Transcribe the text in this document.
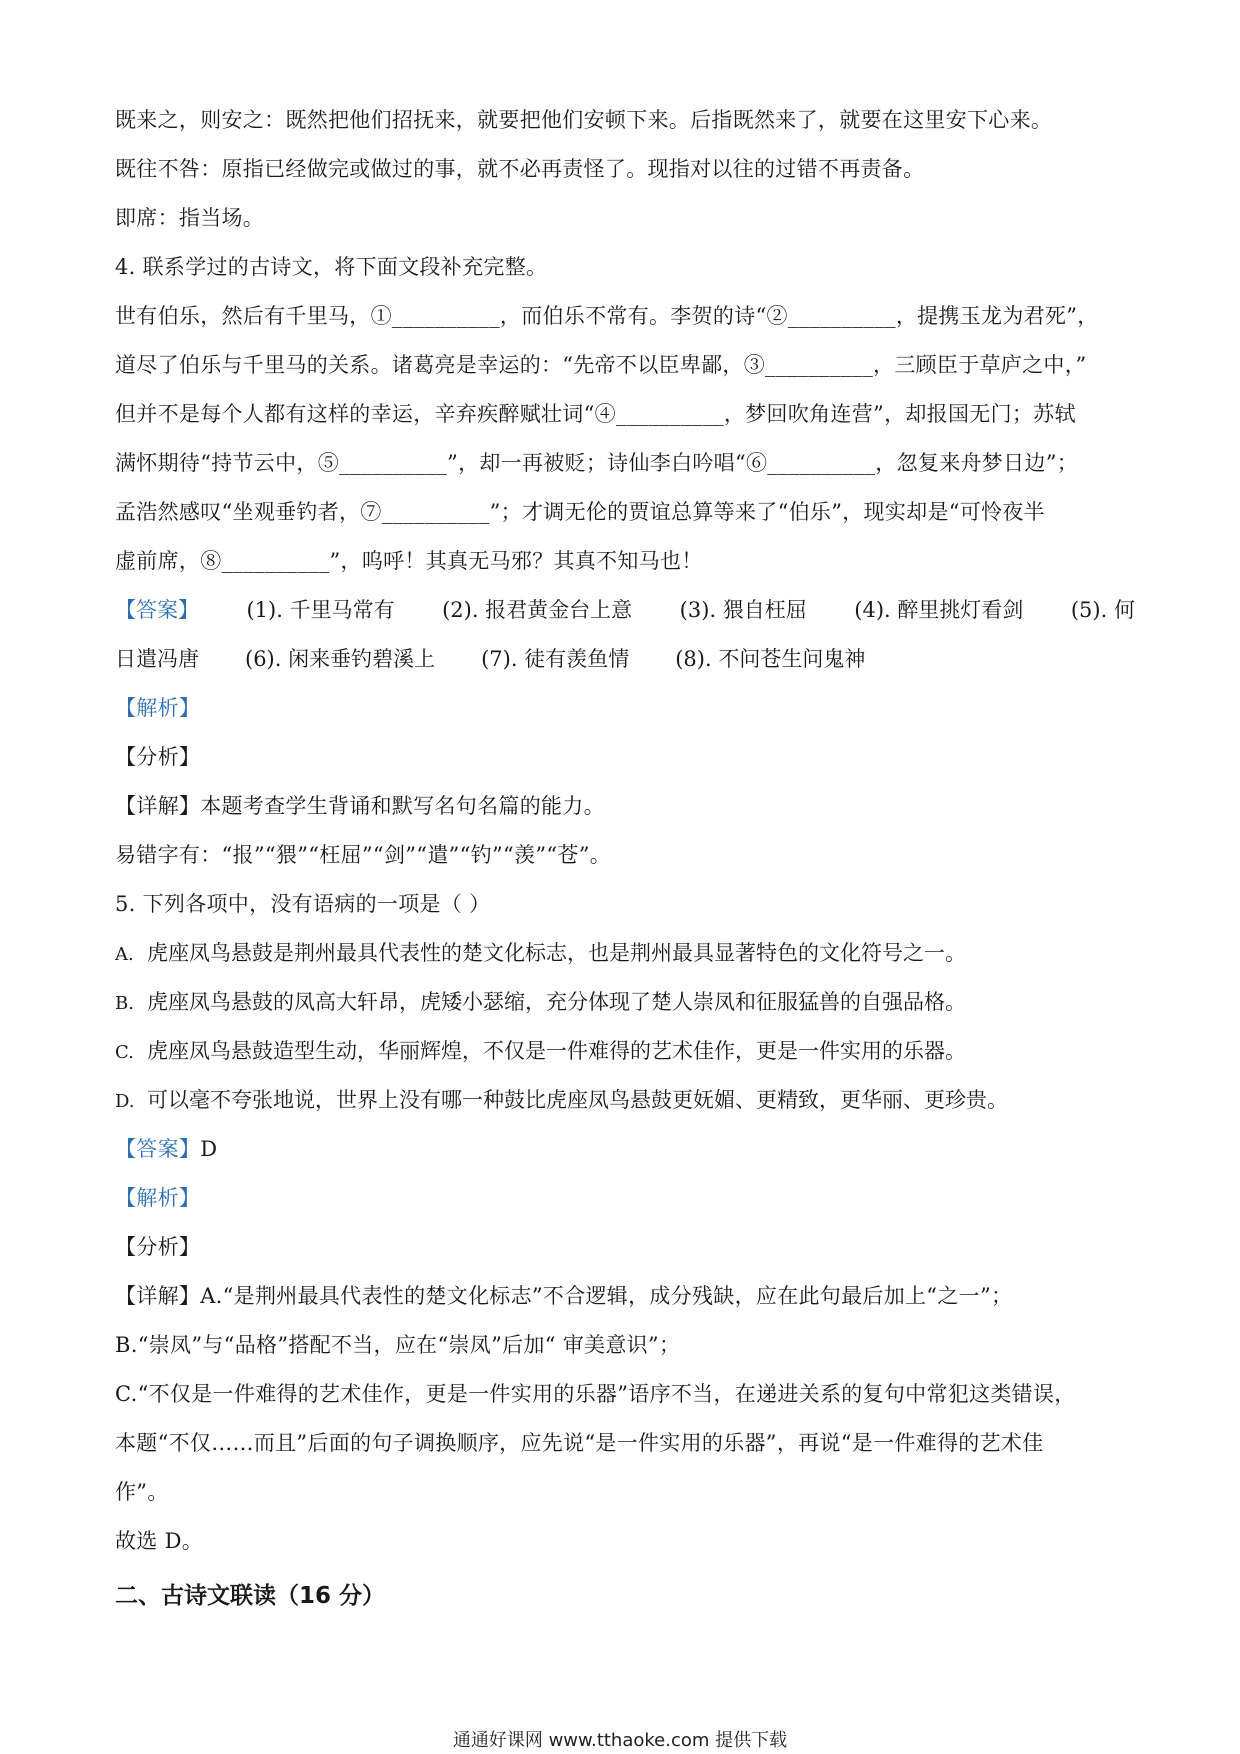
既来之，则安之：既然把他们招抚来，就要把他们安顿下来。后指既然来了，就要在这里安下心来。
既往不咎：原指已经做完或做过的事，就不必再责怪了。现指对以往的过错不再责备。
即席：指当场。
4. 联系学过的古诗文，将下面文段补充完整。
世有伯乐，然后有千里马，①__________，而伯乐不常有。李贺的诗“②__________，提携玉龙为君死”，
道尽了伯乐与千里马的关系。诸葛亮是幸运的：“先帝不以臣卑鄙，③__________，三顾臣于草庐之中，”
但并不是每个人都有这样的幸运，辛弃疾醉赋壮词“④__________，梦回吹角连营”，却报国无门；苏轼
满怀期待“持节云中，⑤__________”，却一再被贬；诗仙李白吟唱“⑥__________，忽复来舟梦日边”；
孟浩然感叹“坐观垂钓者，⑦__________”；才调无伦的贾谊总算等来了“伯乐”，现实却是“可怜夜半
虚前席，⑧__________”，呜呼！其真无马邪？其真不知马也！
【答案】 (1). 千里马常有 (2). 报君黄金台上意 (3). 猥自枉屈 (4). 醉里挑灯看剑 (5). 何
日遣冯唐 (6). 闲来垂钓碧溪上 (7). 徒有羡鱼情 (8). 不问苍生问鬼神
【解析】
【分析】
【详解】本题考查学生背诵和默写名句名篇的能力。
易错字有：“报”“猥”“枉屈”“剑”“遣”“钓”“羡”“苍”。
5. 下列各项中，没有语病的一项是（ ）
A. 虎座凤鸟悬鼓是荆州最具代表性的楚文化标志，也是荆州最具显著特色的文化符号之一。
B. 虎座凤鸟悬鼓的凤高大轩昂，虎矮小瑟缩，充分体现了楚人崇凤和征服猛兽的自强品格。
C. 虎座凤鸟悬鼓造型生动，华丽辉煌，不仅是一件难得的艺术佳作，更是一件实用的乐器。
D. 可以毫不夸张地说，世界上没有哪一种鼓比虎座凤鸟悬鼓更妩媚、更精致，更华丽、更珍贵。
【答案】D
【解析】
【分析】
【详解】A.“是荆州最具代表性的楚文化标志”不合逻辑，成分残缺，应在此句最后加上“之一”；
B.“崇凤”与“品格”搭配不当，应在“崇凤”后加“ 审美意识”；
C.“不仅是一件难得的艺术佳作，更是一件实用的乐器”语序不当，在递进关系的复句中常犯这类错误，
本题“不仅……而且”后面的句子调换顺序，应先说“是一件实用的乐器”，再说“是一件难得的艺术佳
作”。
故选 D。
二、古诗文联读（16 分）
通通好课网 www.tthaoke.com 提供下载
